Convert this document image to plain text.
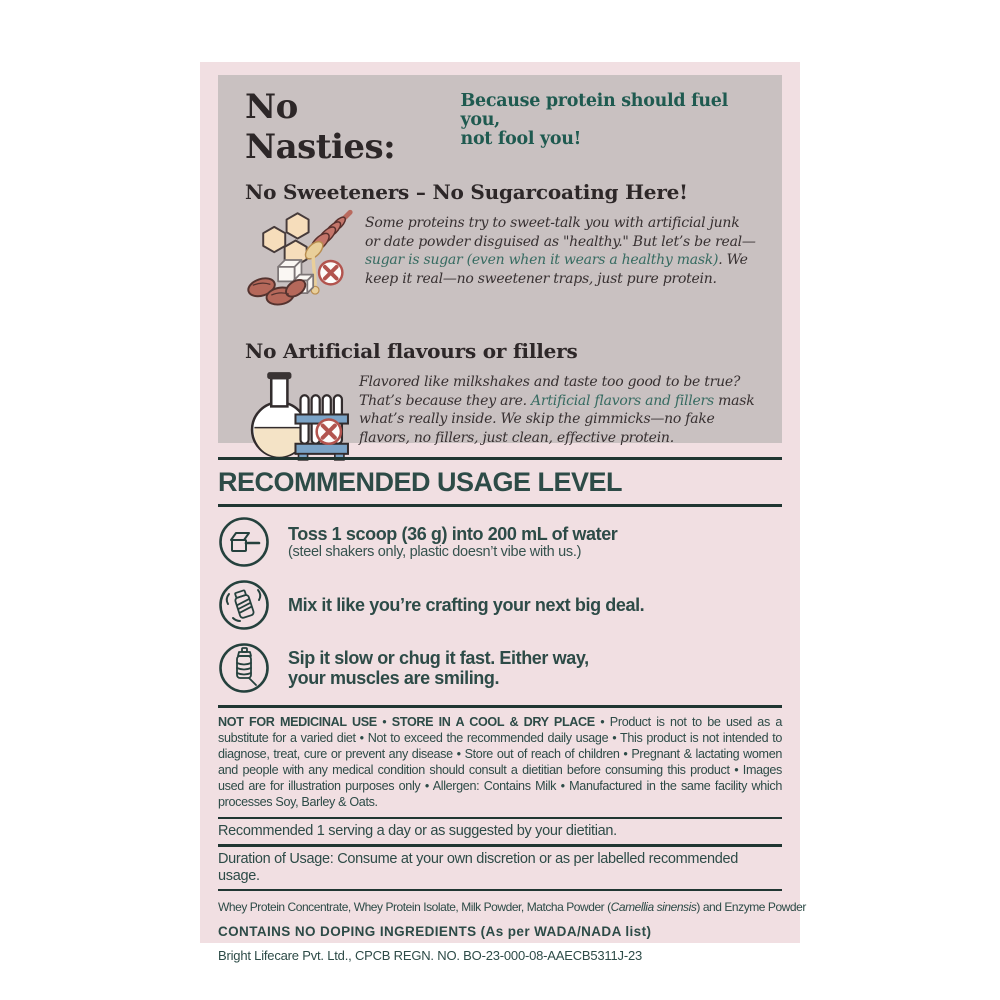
No Nasties:
Because protein should fuel you,
not fool you!
No Sweeteners – No Sugarcoating Here!

Some proteins try to sweet-talk you with artificial junk or date powder disguised as "healthy." But let’s be real—sugar is sugar (even when it wears a healthy mask). We keep it real—no sweetener traps, just pure protein.

No Artificial flavours or fillers

Flavored like milkshakes and taste too good to be true? That’s because they are. Artificial flavors and fillers mask what’s really inside. We skip the gimmicks—no fake flavors, no fillers, just clean, effective protein.

RECOMMENDED USAGE LEVEL
Toss 1 scoop (36 g) into 200 mL of water
(steel shakers only, plastic doesn’t vibe with us.)
Mix it like you’re crafting your next big deal.
Sip it slow or chug it fast. Either way,
your muscles are smiling.

NOT FOR MEDICINAL USE • STORE IN A COOL & DRY PLACE • Product is not to be used as a substitute for a varied diet • Not to exceed the recommended daily usage • This product is not intended to diagnose, treat, cure or prevent any disease • Store out of reach of children • Pregnant & lactating women and people with any medical condition should consult a dietitian before consuming this product • Images used are for illustration purposes only • Allergen: Contains Milk • Manufactured in the same facility which processes Soy, Barley & Oats.

Recommended 1 serving a day or as suggested by your dietitian.

Duration of Usage: Consume at your own discretion or as per labelled recommended usage.

Whey Protein Concentrate, Whey Protein Isolate, Milk Powder, Matcha Powder (Camellia sinensis) and Enzyme Powder

CONTAINS NO DOPING INGREDIENTS (As per WADA/NADA list)

Bright Lifecare Pvt. Ltd., CPCB REGN. NO. BO-23-000-08-AAECB5311J-23
